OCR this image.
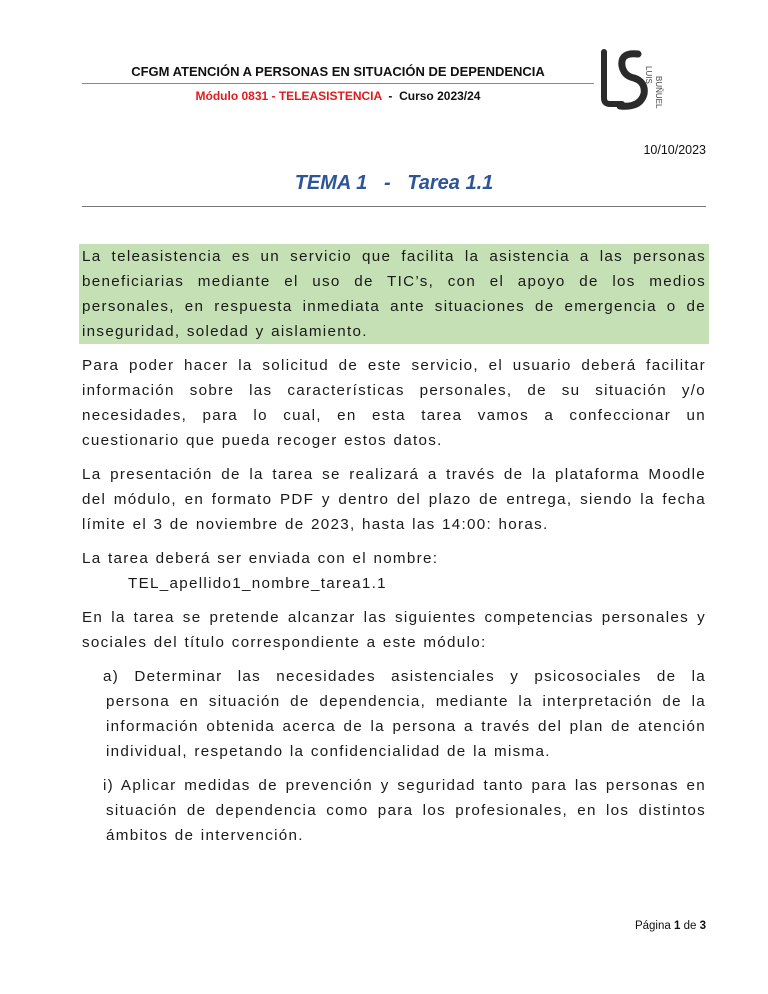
CFGM ATENCIÓN A PERSONAS EN SITUACIÓN DE DEPENDENCIA
Módulo 0831 - TELEASISTENCIA  -  Curso 2023/24
LUIS
BUÑUEL
10/10/2023
TEMA 1   -   Tarea 1.1

La teleasistencia es un servicio que facilita la asistencia a las personas beneficiarias mediante el uso de TIC’s, con el apoyo de los medios personales, en respuesta inmediata ante situaciones de emergencia o de inseguridad, soledad y aislamiento.

Para poder hacer la solicitud de este servicio, el usuario deberá facilitar información sobre las características personales, de su situación y/o necesidades, para lo cual, en esta tarea vamos a confeccionar un cuestionario que pueda recoger estos datos.

La presentación de la tarea se realizará a través de la plataforma Moodle del módulo, en formato PDF y dentro del plazo de entrega, siendo la fecha límite el 3 de noviembre de 2023, hasta las 14:00: horas.

La tarea deberá ser enviada con el nombre:

TEL_apellido1_nombre_tarea1.1

En la tarea se pretende alcanzar las siguientes competencias personales y sociales del título correspondiente a este módulo:

a) Determinar las necesidades asistenciales y psicosociales de la persona en situación de dependencia, mediante la interpretación de la información obtenida acerca de la persona a través del plan de atención individual, respetando la confidencialidad de la misma.

i) Aplicar medidas de prevención y seguridad tanto para las personas en situación de dependencia como para los profesionales, en los distintos ámbitos de intervención.

Página 1 de 3
